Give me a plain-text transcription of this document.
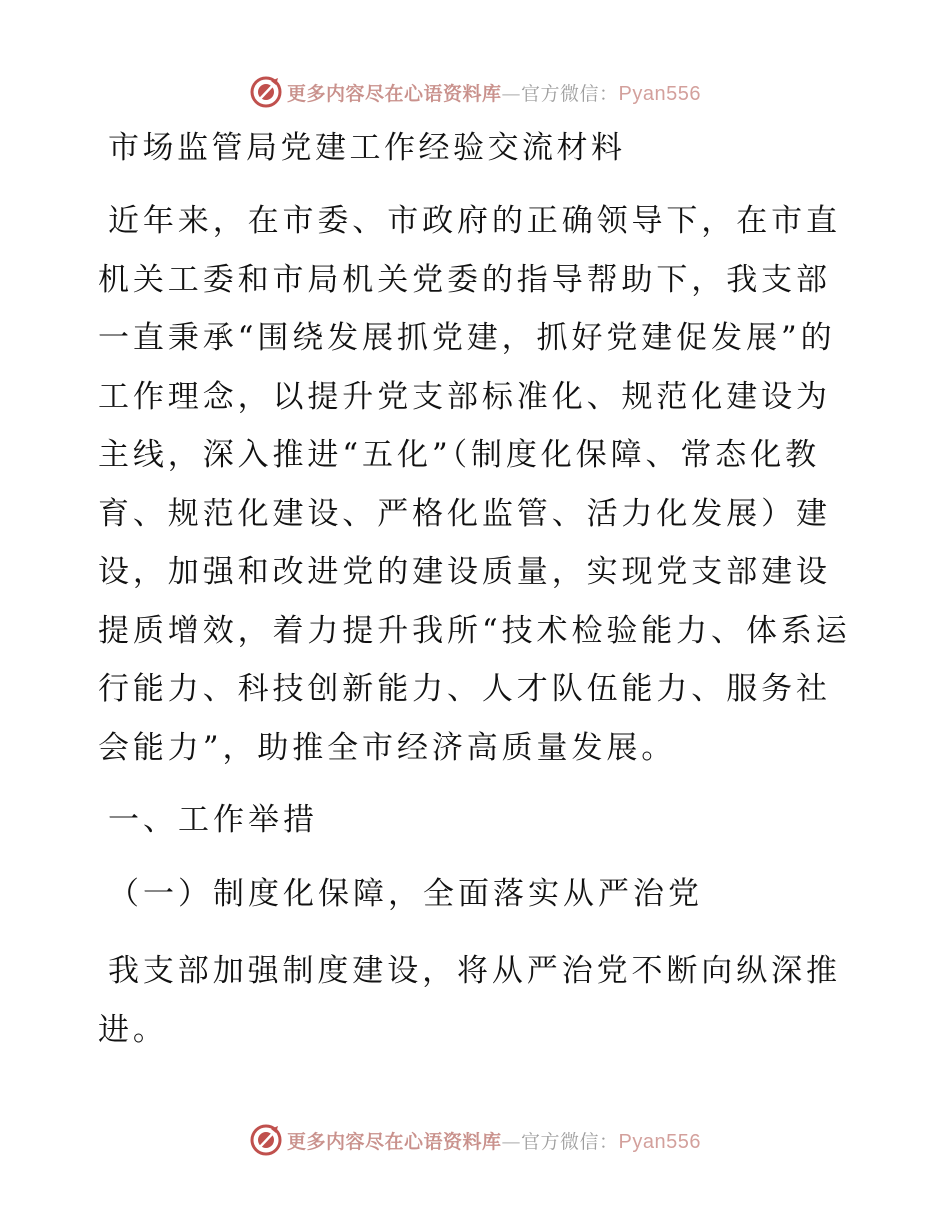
更多内容尽在心语资料库—官方微信：Pyan556
市场监管局党建工作经验交流材料
近年来，在市委、市政府的正确领导下，在市直机关工委和市局机关党委的指导帮助下，我支部一直秉承“围绕发展抓党建，抓好党建促发展”的工作理念，以提升党支部标准化、规范化建设为主线，深入推进“五化”（制度化保障、常态化教育、规范化建设、严格化监管、活力化发展）建设，加强和改进党的建设质量，实现党支部建设提质增效，着力提升我所“技术检验能力、体系运行能力、科技创新能力、人才队伍能力、服务社会能力”，助推全市经济高质量发展。
一、工作举措
（一）制度化保障，全面落实从严治党
我支部加强制度建设，将从严治党不断向纵深推进。
更多内容尽在心语资料库—官方微信：Pyan556
